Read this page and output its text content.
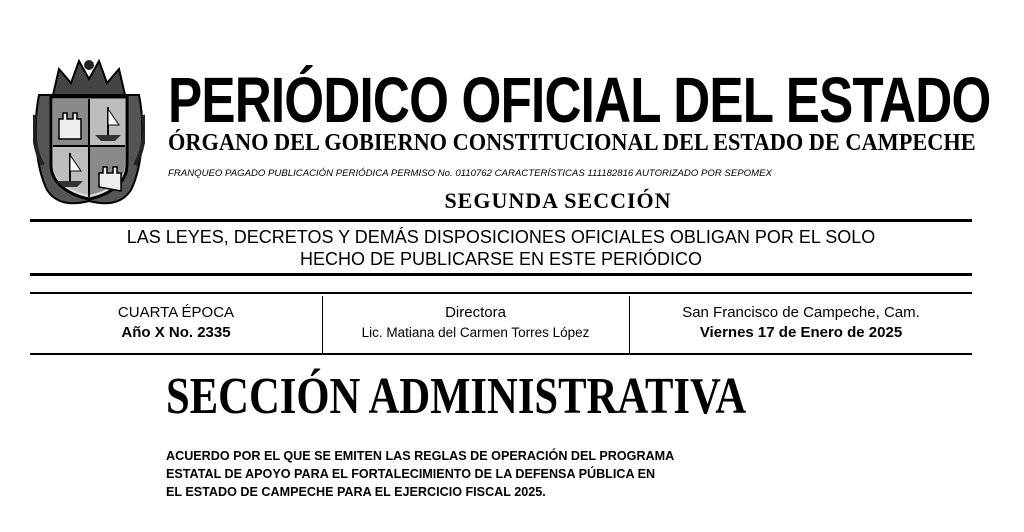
PERIÓDICO OFICIAL DEL ESTADO
ÓRGANO DEL GOBIERNO CONSTITUCIONAL DEL ESTADO DE CAMPECHE
FRANQUEO PAGADO PUBLICACIÓN PERIÓDICA PERMISO No. 0110762 CARACTERÍSTICAS 111182816 AUTORIZADO POR SEPOMEX
SEGUNDA SECCIÓN
LAS LEYES, DECRETOS Y DEMÁS DISPOSICIONES OFICIALES OBLIGAN POR EL SOLO
HECHO DE PUBLICARSE EN ESTE PERIÓDICO
CUARTA ÉPOCA
Año X No. 2335
Directora
Lic. Matiana del Carmen Torres López
San Francisco de Campeche, Cam.
Viernes 17 de Enero de 2025
SECCIÓN ADMINISTRATIVA
ACUERDO POR EL QUE SE EMITEN LAS REGLAS DE OPERACIÓN DEL PROGRAMA
ESTATAL DE APOYO PARA EL FORTALECIMIENTO DE LA DEFENSA PÚBLICA EN
EL ESTADO DE CAMPECHE PARA EL EJERCICIO FISCAL 2025.
